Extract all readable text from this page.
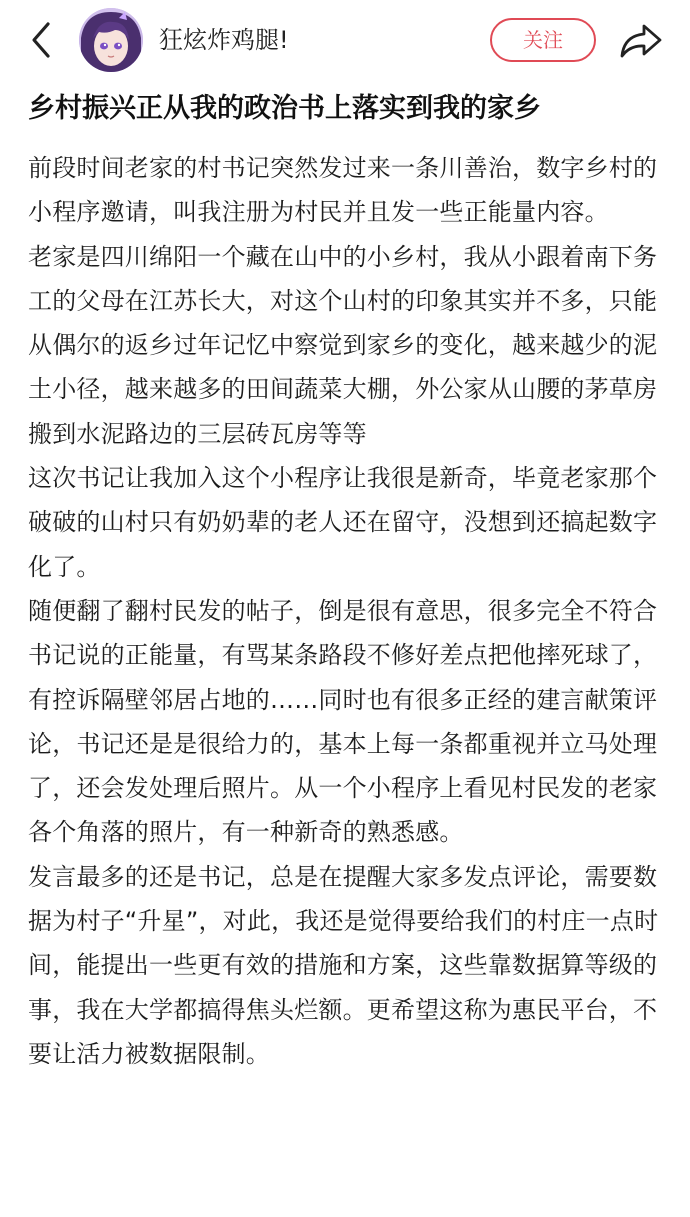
狂炫炸鸡腿!	关注
乡村振兴正从我的政治书上落实到我的家乡

前段时间老家的村书记突然发过来一条川善治，数字乡村的小程序邀请，叫我注册为村民并且发一些正能量内容。

老家是四川绵阳一个藏在山中的小乡村，我从小跟着南下务工的父母在江苏长大，对这个山村的印象其实并不多，只能从偶尔的返乡过年记忆中察觉到家乡的变化，越来越少的泥土小径，越来越多的田间蔬菜大棚，外公家从山腰的茅草房搬到水泥路边的三层砖瓦房等等

这次书记让我加入这个小程序让我很是新奇，毕竟老家那个破破的山村只有奶奶辈的老人还在留守，没想到还搞起数字化了。

随便翻了翻村民发的帖子，倒是很有意思，很多完全不符合书记说的正能量，有骂某条路段不修好差点把他摔死球了，有控诉隔壁邻居占地的……同时也有很多正经的建言献策评论，书记还是是很给力的，基本上每一条都重视并立马处理了，还会发处理后照片。从一个小程序上看见村民发的老家各个角落的照片，有一种新奇的熟悉感。

发言最多的还是书记，总是在提醒大家多发点评论，需要数据为村子“升星”，对此，我还是觉得要给我们的村庄一点时间，能提出一些更有效的措施和方案，这些靠数据算等级的事，我在大学都搞得焦头烂额。更希望这称为惠民平台，不要让活力被数据限制。
